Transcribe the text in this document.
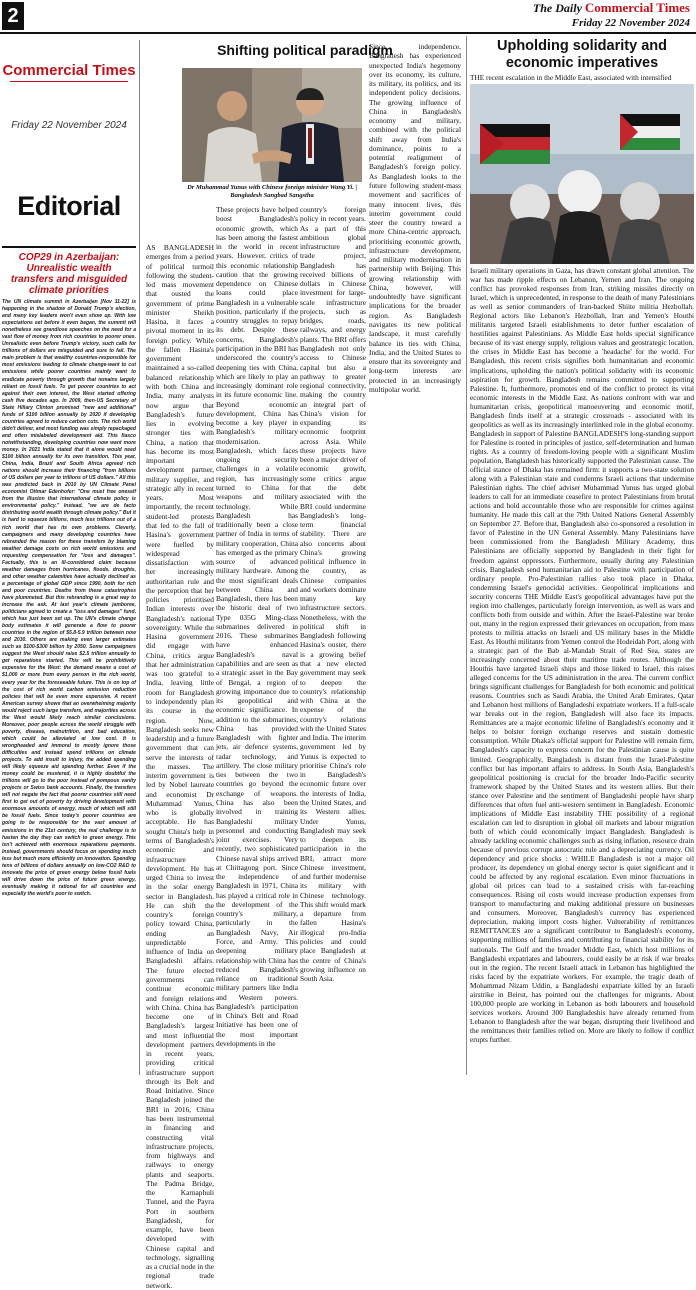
2	The Daily Commercial Times
Friday 22 November 2024
Commercial Times
Friday 22 November 2024
Editorial
COP29 in Azerbaijan: Unrealistic wealth transfers and misguided climate priorities
The UN climate summit in Azerbaijan [Nov 11-22] is happening in the shadow of Donald Trump's election, and many key leaders won't even show up. With low expectations set before it even began, the summit will nonetheless see grandiose speeches on the need for a vast flow of money from rich countries to poorer ones. Unrealistic even before Trump's victory, such calls for trillions of dollars are misguided and sure to fail. The main problem is that wealthy countries-responsible for most emissions leading to climate change-want to cut emissions while poorer countries mainly want to eradicate poverty through growth that remains largely reliant on fossil fuels. To get poorer countries to act against their own interest, the West started offering cash five decades ago. In 2009, then-US Secretary of State Hillary Clinton promised "new and additional" funds of $100 billion annually by 2020 if developing countries agreed to reduce carbon cuts. The rich world didn't deliver, and most funding was simply repackaged and often mislabeled development aid. This fiasco notwithstanding, developing countries now want more money. In 2021 India stated that it alone would need $100 billion annually for its own transition. This year, China, India, Brazil and South Africa agreed rich nations should increase their financing "from billions of US dollars per year to trillions of US dollars." All this was predicted back in 2010 by UN Climate Panel economist Ottmar Edenhofer: "One must free oneself from the illusion that international climate policy is environmental policy." Instead, "we are de facto distributing world wealth through climate policy." But it is hard to squeeze billions, much less trillions out of a rich world that has its own problems. Cleverly, campaigners and many developing countries have rebranded the reason for these transfers by blaming weather damage costs on rich world emissions and requesting compensation for "loss and damages". Factually, this is an ill-considered claim because weather damages from hurricanes, floods, droughts, and other weather calamities have actually declined as a percentage of global GDP since 1990, both for rich and poor countries. Deaths from these catastrophes have plummeted. But this rebranding is a great way to increase the ask. At last year's climate jamboree, politicians agreed to create a "loss and damages" fund, which has just been set up. The UN's climate change body estimates it will generate a flow to poorer countries in the region of $5.8-5.9 trillion between now and 2030. Others are making even larger estimates such as $100-$300 billion by 2050. Some campaigners suggest the West should raise $2.5 trillion annually to get reparations started. This will be prohibitively expensive for the West: the demand means a cost of $1,000 or more from every person in the rich world, every year for the foreseeable future. This is on top of the cost of rich world carbon emission reduction policies that will be even more expensive. A recent American survey shows that an overwhelming majority would reject such large transfers, and majorities across the West would likely reach similar conclusions. Moreover, poor people across the world struggle with poverty, disease, malnutrition, and bad education, which could be alleviated at low cost. It is wrongheaded and immoral to mostly ignore those difficulties and instead spend trillions on climate projects. To add insult to injury, the added spending will likely squeeze aid spending further. Even if the money could be mustered, it is highly doubtful the trillions will go to the poor instead of pompous vanity projects or Swiss bank accounts. Finally, the transfers will not negate the fact that poorer countries still need first to get out of poverty by driving development with enormous amounts of energy, much of which will still be fossil fuels. Since today's poorer countries are going to be responsible for the vast amount of emissions in the 21st century, the real challenge is to hasten the day they can switch to green energy. This isn't achieved with enormous reparations payments. Instead, governments should focus on spending much less but much more efficiently on innovation. Spending tens of billions of dollars annually on low-CO2 R&D to innovate the price of green energy below fossil fuels will drive down the price of future green energy, eventually making it rational for all countries and especially the world's poor to switch.
Shifting political paradigm
Dr Muhammad Yunus with Chinese foreign minister Wang Yi. | Bangladesh Sangbad Sangstha
AS BANGLADESH emerges from a period of political turmoil following the student-led mass movement that ousted the government of prime minister Sheikh Hasina, it faces a pivotal moment in its foreign policy. While the fallen Hasina's government maintained a so-called balanced relationship with both China and India, many analysts now argue that Bangladesh's future lies in evolving stronger ties with China, a nation that has become its most important development partner, military supplier, and strategic ally in recent years. Most importantly, the recent student-led protests that led to the fall of Hasina's government were fuelled by widespread dissatisfaction with her increasingly authoritarian rule and the perception that her policies prioritised Indian interests over Bangladesh's national sovereignty. While the Hasina government did engage with China, critics argue that her administration was too grateful to India, leaving little room for Bangladesh to independently plan its course in the region. Now, Bangladesh seeks new leadership and a future government that can serve the interests of the masses. The interim government is led by Nobel laureate and economist Dr Muhammad Yunus, who is globally acceptable. He has sought China's help in terms of Bangladesh's economic and infrastructure development. He has urged China to invest in the solar energy sector in Bangladesh. He can shift the country's foreign policy toward China, ending an unpredictable influence of India on Bangladeshi affairs. The future elected governments can continue economic and foreign relations with China. China has become one of Bangladesh's largest and most influential development partners in recent years, providing critical infrastructure support through its Belt and Road Initiative. Since Bangladesh joined the BRI in 2016, China has been instrumental in financing and constructing vital infrastructure projects, from highways and railways to energy plants and seaports. The Padma Bridge, the Karnaphuli Tunnel, and the Payra Port in southern Bangladesh, for example, have been developed with Chinese capital and technology, signalling as a crucial node in the regional trade network.
These projects have helped boost Bangladesh's economic growth, which has been among the fastest in the world in recent years. However, critics of this economic relationship caution that the growing dependence on Chinese loans could place Bangladesh in a vulnerable position, particularly if the country struggles to repay its debt. Despite these concerns, Bangladesh's participation in the BRI has underscored the country's deepening ties with China, which are likely to play an increasingly dominant role in its future economic line. Beyond economic development, China has become a key player in Bangladesh's military modernisation. Bangladesh, which faces ongoing security challenges in a volatile region, has increasingly turned to China for weapons and military technology. While Bangladesh has traditionally been a close partner of India in terms of military cooperation, China has emerged as the primary source of advanced military hardware. Among the most significant deals between China and Bangladesh, there has been the historic deal of two Type 035G Ming-class submarines delivered in 2016. These submarines have enhanced Bangladesh's naval capabilities and are seen as a strategic asset in the Bay of Bengal, a region of growing importance due to its geopolitical and economic significance. In addition to the submarines, China has provided Bangladesh with fighter jets, air defence systems, radar technology, and artillery. The close military ties between the two countries go beyond the exchange of weapons. China has also been involved in training Bangladeshi military personnel and conducting joint exercises. Very recently, two sophisticated Chinese naval ships arrived at Chittagong port. Since the independence of Bangladesh in 1971, China has played a critical role in the development of the country's military, particularly in the Bangladesh Navy, Air Force, and Army. This deepening military relationship with China has reduced Bangladesh's reliance on traditional military partners like India and Western powers. Bangladesh's participation in China's Belt and Road Initiative has been one of the most important developments in the
country's foreign policy in recent years. As a part of this ambitious global infrastructure and trade project, Bangladesh has received billions of dollars in Chinese investment for large-scale infrastructure projects, such as bridges, roads, railways, and energy plants. The BRI offers Bangladesh not only access to Chinese capital but also a pathway to greater regional connectivity, making the country an integral part of China's vision for expanding its economic footprint across Asia. While these projects have been a major driver of economic growth, some critics argue that the debt associated with the BRI could undermine Bangladesh's long-term financial stability. There are also concerns about China's growing political influence in the country, as Chinese companies and workers dominate many key infrastructure sectors. Nonetheless, with the political shift in Bangladesh following Hasina's ouster, there is a growing belief that a new elected government may seek to deepen the country's relationship with China at the expense of the country's relations with the United States and India. The interim government led by Yunus is expected to prioritise China's role in Bangladesh's economic future over the interests of India, the United States, and its Western allies. Under Yunus, Bangladesh may seek to deepen its participation in the BRI, attract more Chinese investment, and further modernise its military with Chinese technology. This shift would mark a departure from fallen Hasina's illogical pro-India policies and could place Bangladesh at the centre of China's growing influence on South Asia.
Since independence, Bangladesh has experienced unexpected India's hegemony over its economy, its culture, its military, its politics, and its independent policy decisions. The growing influence of China in Bangladesh's economy and military, combined with the political shift away from India's dominance, points to a potential realignment of Bangladesh's foreign policy. As Bangladesh looks to the future following student-mass movement and sacrifices of many innocent lives, this interim government could steer the country toward a more China-centric approach, prioritising economic growth, infrastructure development, and military modernisation in partnership with Beijing. This growing relationship with China, however, will undoubtedly have significant implications for the broader region. As Bangladesh navigates its new political landscape, it must carefully balance its ties with China, India, and the United States to ensure that its sovereignty and long-term interests are protected in an increasingly multipolar world.
Upholding solidarity and economic imperatives
THE recent escalation in the Middle East, associated with intensified
Israeli military operations in Gaza, has drawn constant global attention. The war has made ripple effects on Lebanon, Yemen and Iran. The ongoing conflict has provoked responses from Iran, striking missiles directly on Israel, which is unprecedented, in response to the death of many Palestinians as well as senior commanders of Iran-backed Shiite militia Hezbollah. Regional actors like Lebanon's Hezbollah, Iran and Yemen's Houthi militants targeted Israeli establishments to deter further escalation of hostilities against Palestinians. As Middle East holds special significance because of its vast energy supply, religious values and geostrategic location, the crises in Middle East has become a 'headache' for the world. For Bangladesh, this recent crisis signifies both humanitarian and economic implications, upholding the nation's political solidarity with its economic aspiration for growth. Bangladesh remains committed to supporting Palestine. It, furthermore, promotes end of the conflict to protect its vital economic interests in the Middle East. As nations confront with war and humanitarian crisis, geopolitical manoeuvering and economic motif, Bangladesh finds itself at a strategic crossroads - associated with its geopolitics as well as its increasingly interlinked role in the global economy. Bangladesh in support of Palestine BANGLADESH'S long-standing support for Palestine is rooted in principles of justice, self-determination and human rights. As a country of freedom-loving people with a significant Muslim population, Bangladesh has historically supported the Palestinian cause. The official stance of Dhaka has remained firm: it supports a two-state solution along with a Palestinian state and condemns Israeli actions that undermine Palestinian rights. The chief adviser Muhammad Yunus has urged global leaders to call for an immediate ceasefire to protect Palestinians from brutal actions and hold accountable those who are responsible for crimes against humanity. He made this call at the 79th United Nations General Assembly on September 27. Before that, Bangladesh also co-sponsored a resolution in favor of Palestine in the UN General Assembly. Many Palestinians have been commissioned from the Bangladesh Military Academy, thus Palestinians are officially supported by Bangladesh in their fight for freedom against oppressors. Furthermore, usually during any Palestinian crisis, Bangladesh send humanitarian aid to Palestine with participation of ordinary people. Pro-Palestinian rallies also took place in Dhaka, condemning Israel's genocidal activities. Geopolitical implications and security concerns THE Middle East's geopolitical advantages have put the region into challenges, particularly foreign intervention, as well as wars and conflicts both from outside and within. After the Israel-Palestine war broke out, many in the region expressed their grievances on occupation, from mass protests to militia attacks on Israeli and US military bases in the Middle East. As Houthi militants from Yemen control the Hodeidah Port, along with a strategic part of the Bab al-Mandab Strait of Red Sea, states are increasingly concerned about their maritime trade routes. Although the Houthis have targeted Israeli ships and those linked to Israel, this raises alleged concerns for the US administration in the area. The current conflict brings significant challenges for Bangladesh for both economic and political reasons. Countries such as Saudi Arabia, the United Arab Emirates, Qatar and Lebanon host millions of Bangladeshi expatriate workers. If a full-scale war breaks out in the region, Bangladesh will also face its impacts. Remittances are a major economic lifeline of Bangladesh's economy and it helps to bolster foreign exchange reserves and sustain domestic consumption. While Dhaka's official support for Palestine will remain firm, Bangladesh's capacity to express concern for the Palestinian cause is quite limited. Geographically, Bangladesh is distant from the Israel-Palestine conflict but has important affairs to address. In South Asia, Bangladesh's geopolitical positioning is crucial for the broader Indo-Pacific security framework shaped by the United States and its western allies. But their stance over Palestine and the sentiment of Bangladeshi people have sharp differences that often fuel anti-western sentiment in Bangladesh. Economic implications of Middle East instability THE possibility of a regional escalation can led to disruption in global oil markets and labour migration both of which could economically impact Bangladesh. Bangladesh is already tackling economic challenges such as rising inflation, resource drain because of previous corrupt autocratic rule and a depreciating currency. Oil dependency and price shocks : WHILE Bangladesh is not a major oil producer, its dependency on global energy sector is quiet significant and it could be affected by any regional escalation. Even minor fluctuations in global oil prices can lead to a sustained crisis with far-reaching consequences. Rising oil costs would increase production expenses from transport to manufacturing and making additional pressure on businesses and consumers. Moreover, Bangladesh's currency has experienced depreciation, making import costs higher. Vulnerability of remittances REMITTANCES are a significant contributor to Bangladesh's economy, supporting millions of families and contributing to financial stability for its nationals. The Gulf and the broader Middle East, which host millions of Bangladeshi expatriates and labourers, could easily be at risk if war breaks out in the region. The recent Israeli attack in Lebanon has highlighted the risks faced by the expatriate workers. For example, the tragic death of Mohammad Nizam Uddin, a Bangladeshi expatriate killed by an Israeli airstrike in Beirut, has pointed out the challenges for migrants. About 100,000 people are working in Lebanon as both labourers and household services workers. Around 300 Bangladeshis have already returned from Lebanon to Bangladesh after the war began, disrupting their livelihood and the remittances their families relied on. More are likely to follow if conflict erupts further.
